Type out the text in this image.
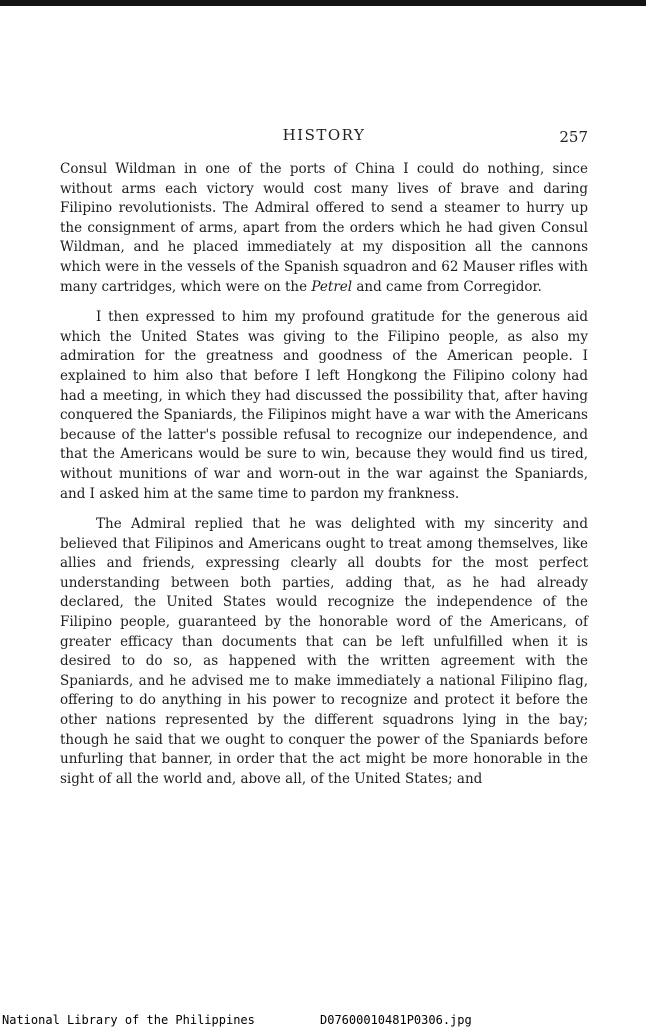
HISTORY	257

Consul Wildman in one of the ports of China I could do nothing, since without arms each victory would cost many lives of brave and daring Filipino revolutionists. The Admiral offered to send a steamer to hurry up the consignment of arms, apart from the orders which he had given Consul Wildman, and he placed immediately at my disposition all the cannons which were in the vessels of the Spanish squadron and 62 Mauser rifles with many cartridges, which were on the Petrel and came from Corregidor.

I then expressed to him my profound gratitude for the generous aid which the United States was giving to the Filipino people, as also my admiration for the greatness and goodness of the American people. I explained to him also that before I left Hongkong the Filipino colony had had a meeting, in which they had discussed the possibility that, after having conquered the Spaniards, the Filipinos might have a war with the Americans because of the latter's possible refusal to recognize our independence, and that the Americans would be sure to win, because they would find us tired, without munitions of war and worn-out in the war against the Spaniards, and I asked him at the same time to pardon my frankness.

The Admiral replied that he was delighted with my sincerity and believed that Filipinos and Americans ought to treat among themselves, like allies and friends, expressing clearly all doubts for the most perfect understanding between both parties, adding that, as he had already declared, the United States would recognize the independence of the Filipino people, guaranteed by the honorable word of the Americans, of greater efficacy than documents that can be left unfulfilled when it is desired to do so, as happened with the written agreement with the Spaniards, and he advised me to make immediately a national Filipino flag, offering to do anything in his power to recognize and protect it before the other nations represented by the different squadrons lying in the bay; though he said that we ought to conquer the power of the Spaniards before unfurling that banner, in order that the act might be more honorable in the sight of all the world and, above all, of the United States; and

National Library of the Philippines	D07600010481P0306.jpg
